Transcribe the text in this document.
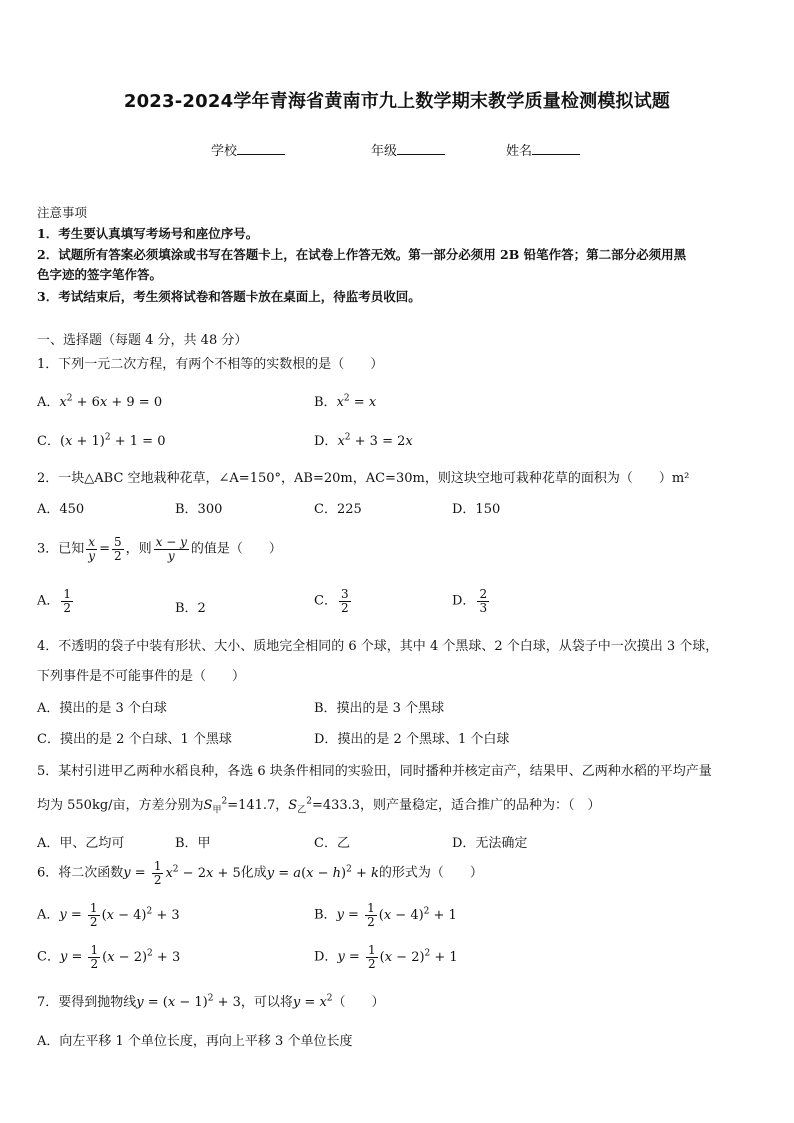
2023-2024学年青海省黄南市九上数学期末教学质量检测模拟试题
学校	年级	姓名
注意事项
1．考生要认真填写考场号和座位序号。
2．试题所有答案必须填涂或书写在答题卡上，在试卷上作答无效。第一部分必须用 2B 铅笔作答；第二部分必须用黑
色字迹的签字笔作答。
3．考试结束后，考生须将试卷和答题卡放在桌面上，待监考员收回。
一、选择题（每题 4 分，共 48 分）
1．下列一元二次方程，有两个不相等的实数根的是（　　）
A．$x^2 + 6x + 9 = 0$	B．$x^2 = x$
C．$(x + 1)^2 + 1 = 0$	D．$x^2 + 3 = 2x$
2．一块△ABC 空地栽种花草，∠A=150°，AB=20m，AC=30m，则这块空地可栽种花草的面积为（　　）m²
A．450	B．300	C．225	D．150
3．已知 $\frac{x}{y} = \frac{5}{2}$ ，则 $\frac{x - y}{y}$ 的值是（　　）
A． $\frac{1}{2}$	B．2	C． $\frac{3}{2}$	D． $\frac{2}{3}$
4．不透明的袋子中装有形状、大小、质地完全相同的 6 个球，其中 4 个黑球、2 个白球，从袋子中一次摸出 3 个球，
下列事件是不可能事件的是（　　）
A．摸出的是 3 个白球	B．摸出的是 3 个黑球
C．摸出的是 2 个白球、1 个黑球	D．摸出的是 2 个黑球、1 个白球
5．某村引进甲乙两种水稻良种，各选 6 块条件相同的实验田，同时播种并核定亩产，结果甲、乙两种水稻的平均产量
均为 550kg/亩，方差分别为$S_甲^2=141.7$，$S_乙^2=433.3$，则产量稳定，适合推广的品种为：（　）
A．甲、乙均可	B．甲	C．乙	D．无法确定
6．将二次函数$y = \frac{1}{2} x^2 - 2x + 5$化成$y = a(x - h)^2 + k$的形式为（　　）
A．$y = \frac{1}{2} (x - 4)^2 + 3$	B．$y = \frac{1}{2} (x - 4)^2 + 1$
C．$y = \frac{1}{2} (x - 2)^2 + 3$	D．$y = \frac{1}{2} (x - 2)^2 + 1$
7．要得到抛物线$y = (x - 1)^2 + 3$，可以将$y = x^2$（　　）
A．向左平移 1 个单位长度，再向上平移 3 个单位长度
